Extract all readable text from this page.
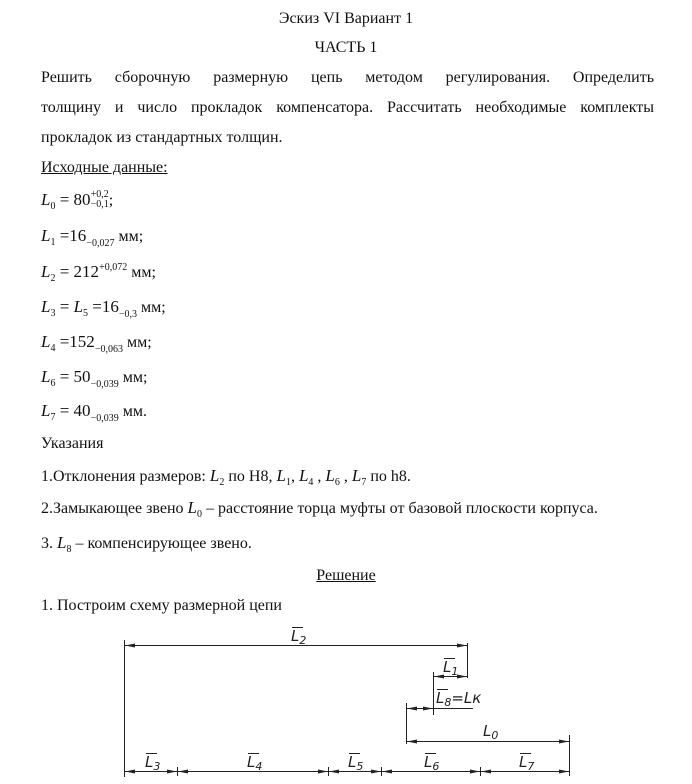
Эскиз VI Вариант 1
ЧАСТЬ 1
Решить сборочную размерную цепь методом регулирования. Определить
толщину и число прокладок компенсатора. Рассчитать необходимые комплекты
прокладок из стандартных толщин.
Исходные данные:
$L_0 = 80 +0,2$
−0,1 ;
$L_1 =16_{-0,027}$ мм;
$L_2 = 212^{+0,072}$ мм;
$L_3 = L_5 =16_{-0,3}$ мм;
$L_4 =152_{-0,063}$ мм;
$L_6 = 50_{-0,039}$ мм;
$L_7 = 40_{-0,039}$ мм.
Указания
1.Отклонения размеров: $L_2$ по Н8, $L_1$, $L_4$ , $L_6$ , $L_7$ по h8.
2.Замыкающее звено $L_0$ – расстояние торца муфты от базовой плоскости корпуса.
3. $L_8$ – компенсирующее звено.
Решение
1. Построим схему размерной цепи
$L_2$
$L_1$
$L_8=Lк$
$L_0$
$L_3$	$L_4$	$L_5$	$L_6$	$L_7$
